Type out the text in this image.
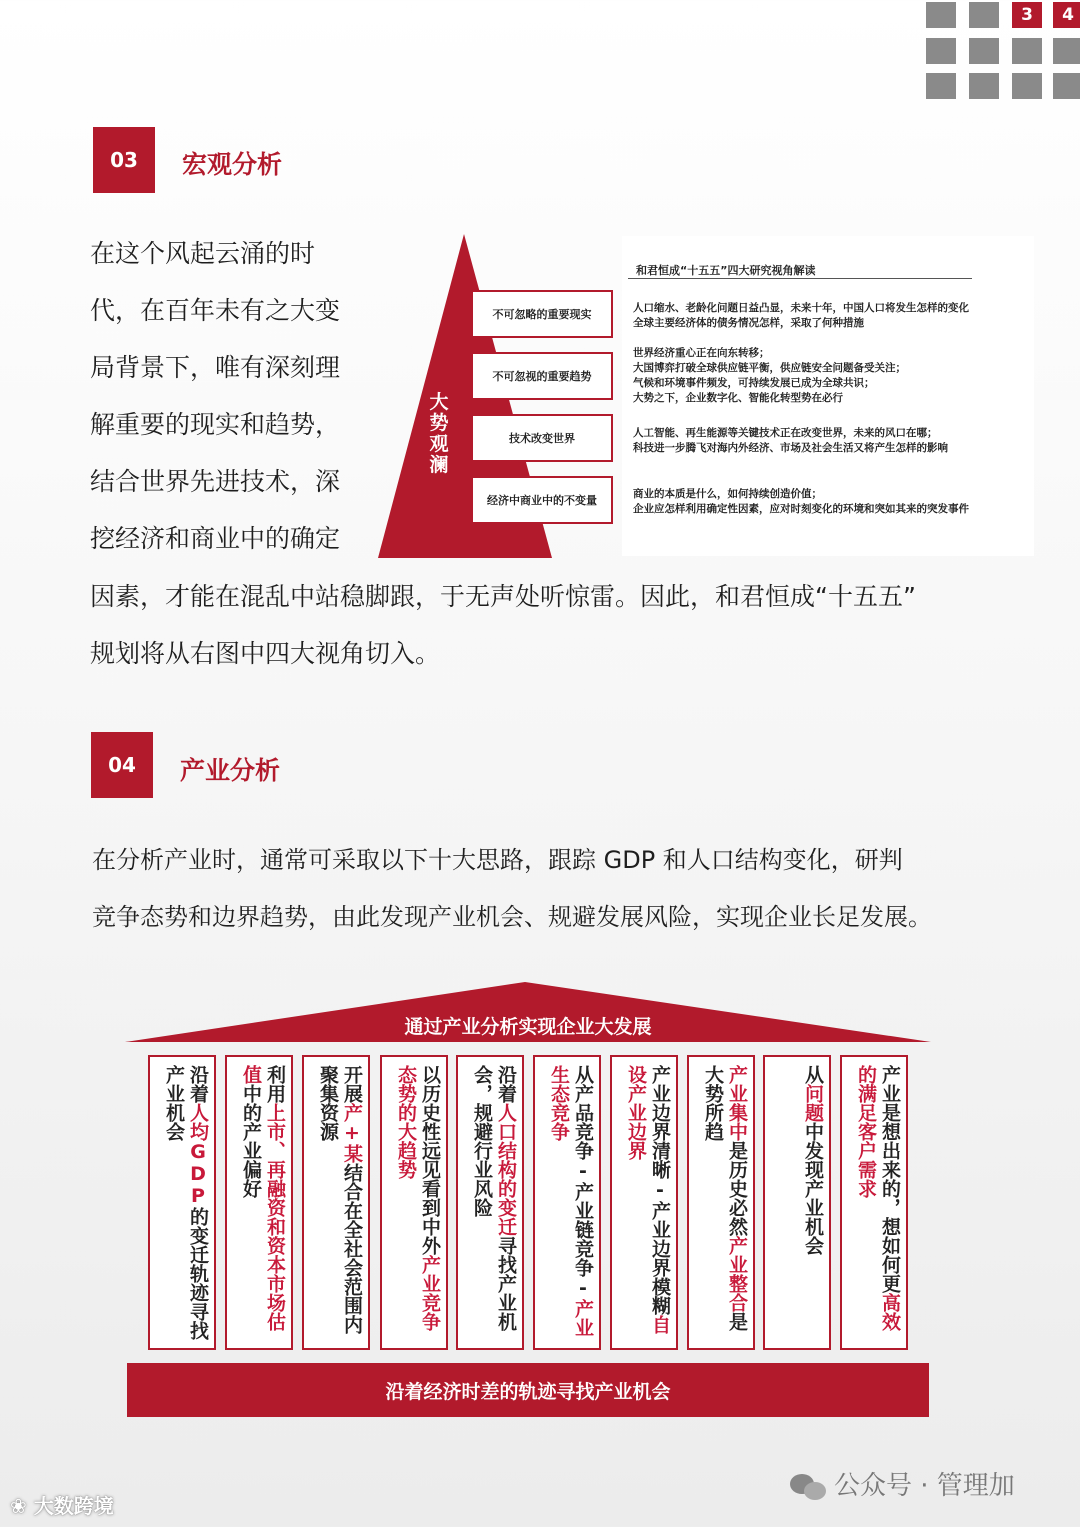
3	4
03	宏观分析
在这个风起云涌的时
代，在百年未有之大变
局背景下，唯有深刻理
解重要的现实和趋势，
结合世界先进技术，深
挖经济和商业中的确定
因素，才能在混乱中站稳脚跟，于无声处听惊雷。因此，和君恒成“十五五”
规划将从右图中四大视角切入。
大势观澜
不可忽略的重要现实
不可忽视的重要趋势
技术改变世界
经济中商业中的不变量
和君恒成“十五五”四大研究视角解读
人口缩水、老龄化问题日益凸显，未来十年，中国人口将发生怎样的变化
全球主要经济体的债务情况怎样，采取了何种措施
世界经济重心正在向东转移；
大国博弈打破全球供应链平衡，供应链安全问题备受关注；
气候和环境事件频发，可持续发展已成为全球共识；
大势之下，企业数字化、智能化转型势在必行
人工智能、再生能源等关键技术正在改变世界，未来的风口在哪；
科技进一步腾飞对海内外经济、市场及社会生活又将产生怎样的影响
商业的本质是什么，如何持续创造价值；
企业应怎样利用确定性因素，应对时刻变化的环境和突如其来的突发事件
04	产业分析
在分析产业时，通常可采取以下十大思路，跟踪 GDP 和人口结构变化，研判
竞争态势和边界趋势，由此发现产业机会、规避发展风险，实现企业长足发展。
通过产业分析实现企业大发展
沿着人均GDP的变迁轨迹寻找产业机会	利用上市、再融资和资本市场估值中的产业偏好	开展产+某结合在全社会范围内聚集资源	以历史性远见看到中外产业竞争态势的大趋势	沿着人口结构的变迁寻找产业机会，规避行业风险	从产品竞争-产业链竞争-产业生态竞争	产业边界清晰-产业边界模糊自设产业边界	产业集中是历史必然产业整合是大势所趋	从问题中发现产业机会	产业是想出来的，想如何更高效的满足客户需求
沿着经济时差的轨迹寻找产业机会
❀ 大数跨境
公众号 · 管理加
